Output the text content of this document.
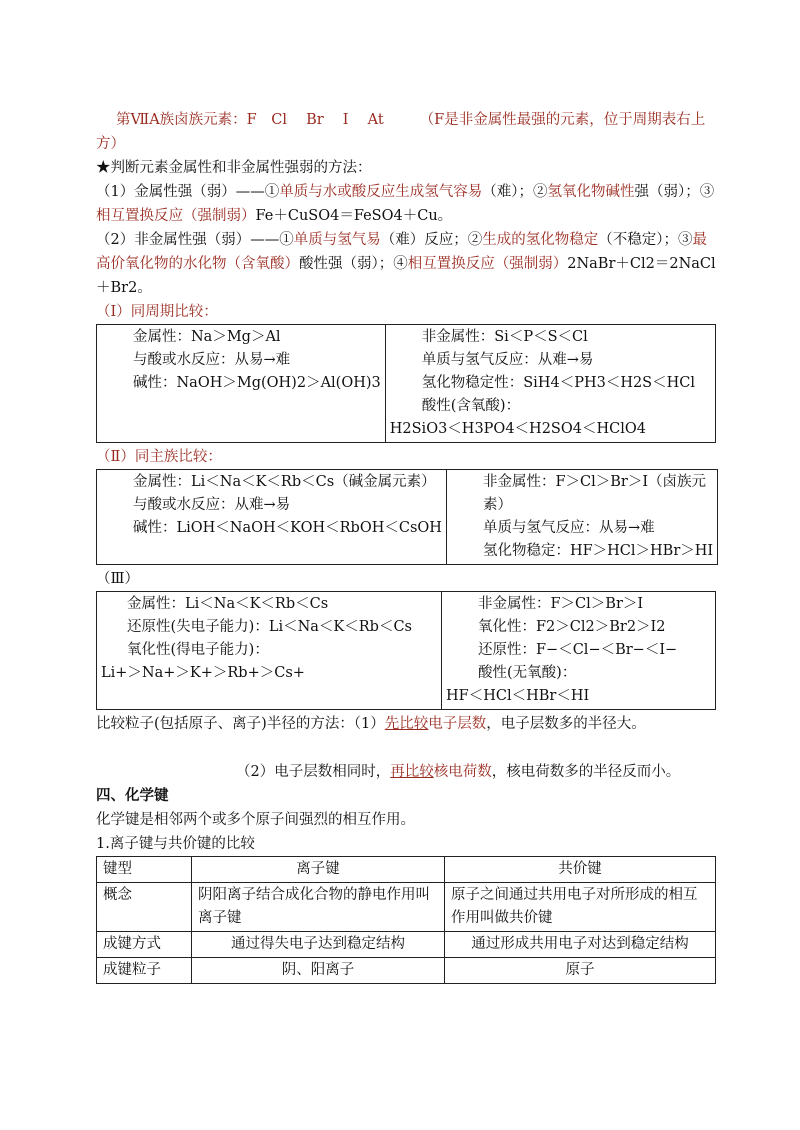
第ⅦA族卤族元素：F　Cl　 Br　 I　 At （F是非金属性最强的元素，位于周期表右上方）

★判断元素金属性和非金属性强弱的方法：

（1）金属性强（弱）——①单质与水或酸反应生成氢气容易（难）；②氢氧化物碱性强（弱）；③相互置换反应（强制弱）Fe＋CuSO4＝FeSO4＋Cu。

（2）非金属性强（弱）——①单质与氢气易（难）反应；②生成的氢化物稳定（不稳定）；③最高价氧化物的水化物（含氧酸）酸性强（弱）；④相互置换反应（强制弱）2NaBr＋Cl2＝2NaCl＋Br2。

（Ⅰ）同周期比较：

金属性：Na＞Mg＞Al
与酸或水反应：从易→难
碱性：NaOH＞Mg(OH)2＞Al(OH)3

非金属性：Si＜P＜S＜Cl
单质与氢气反应：从难→易
氢化物稳定性：SiH4＜PH3＜H2S＜HCl
酸性(含氧酸)：
H2SiO3＜H3PO4＜H2SO4＜HClO4

（Ⅱ）同主族比较：

金属性：Li＜Na＜K＜Rb＜Cs（碱金属元素）
与酸或水反应：从难→易
碱性：LiOH＜NaOH＜KOH＜RbOH＜CsOH

非金属性：F＞Cl＞Br＞I（卤族元素）
单质与氢气反应：从易→难
氢化物稳定：HF＞HCl＞HBr＞HI

（Ⅲ）

金属性：Li＜Na＜K＜Rb＜Cs
还原性(失电子能力)：Li＜Na＜K＜Rb＜Cs
氧化性(得电子能力)：
Li+＞Na+＞K+＞Rb+＞Cs+

非金属性：F＞Cl＞Br＞I
氧化性：F2＞Cl2＞Br2＞I2
还原性：F−＜Cl−＜Br−＜I−
酸性(无氧酸)：
HF＜HCl＜HBr＜HI

比较粒子(包括原子、离子)半径的方法：（1）先比较电子层数，电子层数多的半径大。

（2）电子层数相同时，再比较核电荷数，核电荷数多的半径反而小。

四、化学键

化学键是相邻两个或多个原子间强烈的相互作用。

1.离子键与共价键的比较

键型	离子键	共价键
概念	阴阳离子结合成化合物的静电作用叫离子键	原子之间通过共用电子对所形成的相互作用叫做共价键
成键方式	通过得失电子达到稳定结构	通过形成共用电子对达到稳定结构
成键粒子	阴、阳离子	原子
